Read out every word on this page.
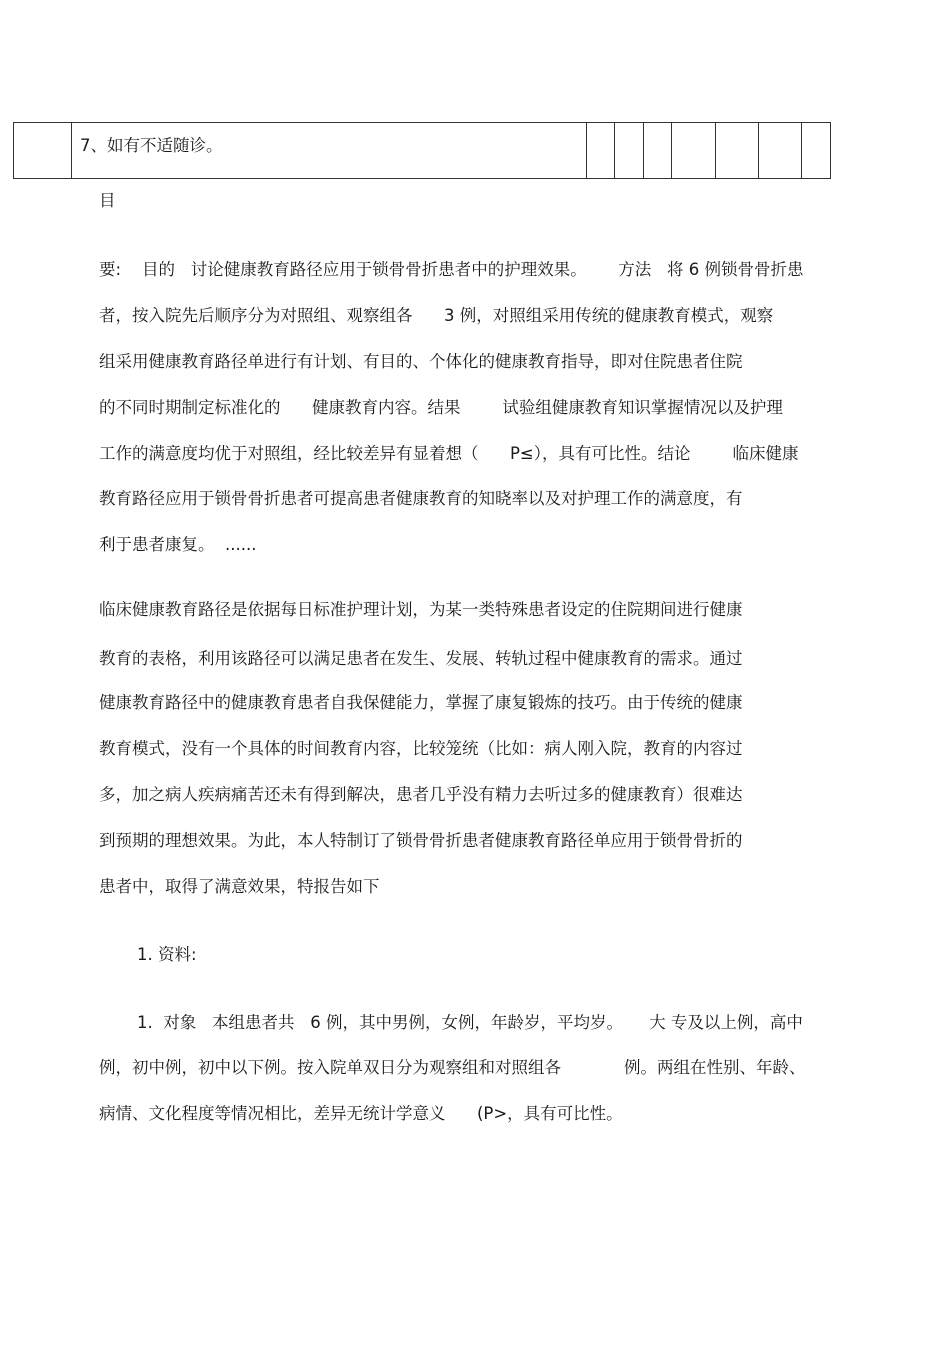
7、如有不适随诊。
目
要:    目的   讨论健康教育路径应用于锁骨骨折患者中的护理效果。      方法   将 6 例锁骨骨折患
者，按入院先后顺序分为对照组、观察组各      3 例，对照组采用传统的健康教育模式，观察
组采用健康教育路径单进行有计划、有目的、个体化的健康教育指导，即对住院患者住院
的不同时期制定标准化的      健康教育内容。结果        试验组健康教育知识掌握情况以及护理
工作的满意度均优于对照组，经比较差异有显着想（      P≤），具有可比性。结论        临床健康
教育路径应用于锁骨骨折患者可提高患者健康教育的知晓率以及对护理工作的满意度，有
利于患者康复。  ......
临床健康教育路径是依据每日标准护理计划，为某一类特殊患者设定的住院期间进行健康
教育的表格，利用该路径可以满足患者在发生、发展、转轨过程中健康教育的需求。通过
健康教育路径中的健康教育患者自我保健能力，掌握了康复锻炼的技巧。由于传统的健康
教育模式，没有一个具体的时间教育内容，比较笼统（比如：病人刚入院，教育的内容过
多，加之病人疾病痛苦还未有得到解决，患者几乎没有精力去听过多的健康教育）很难达
到预期的理想效果。为此，本人特制订了锁骨骨折患者健康教育路径单应用于锁骨骨折的
患者中，取得了满意效果，特报告如下
1. 资料:
1.  对象   本组患者共   6 例，其中男例，女例，年龄岁，平均岁。     大 专及以上例，高中
例，初中例，初中以下例。按入院单双日分为观察组和对照组各            例。两组在性别、年龄、
病情、文化程度等情况相比，差异无统计学意义      (P>，具有可比性。
